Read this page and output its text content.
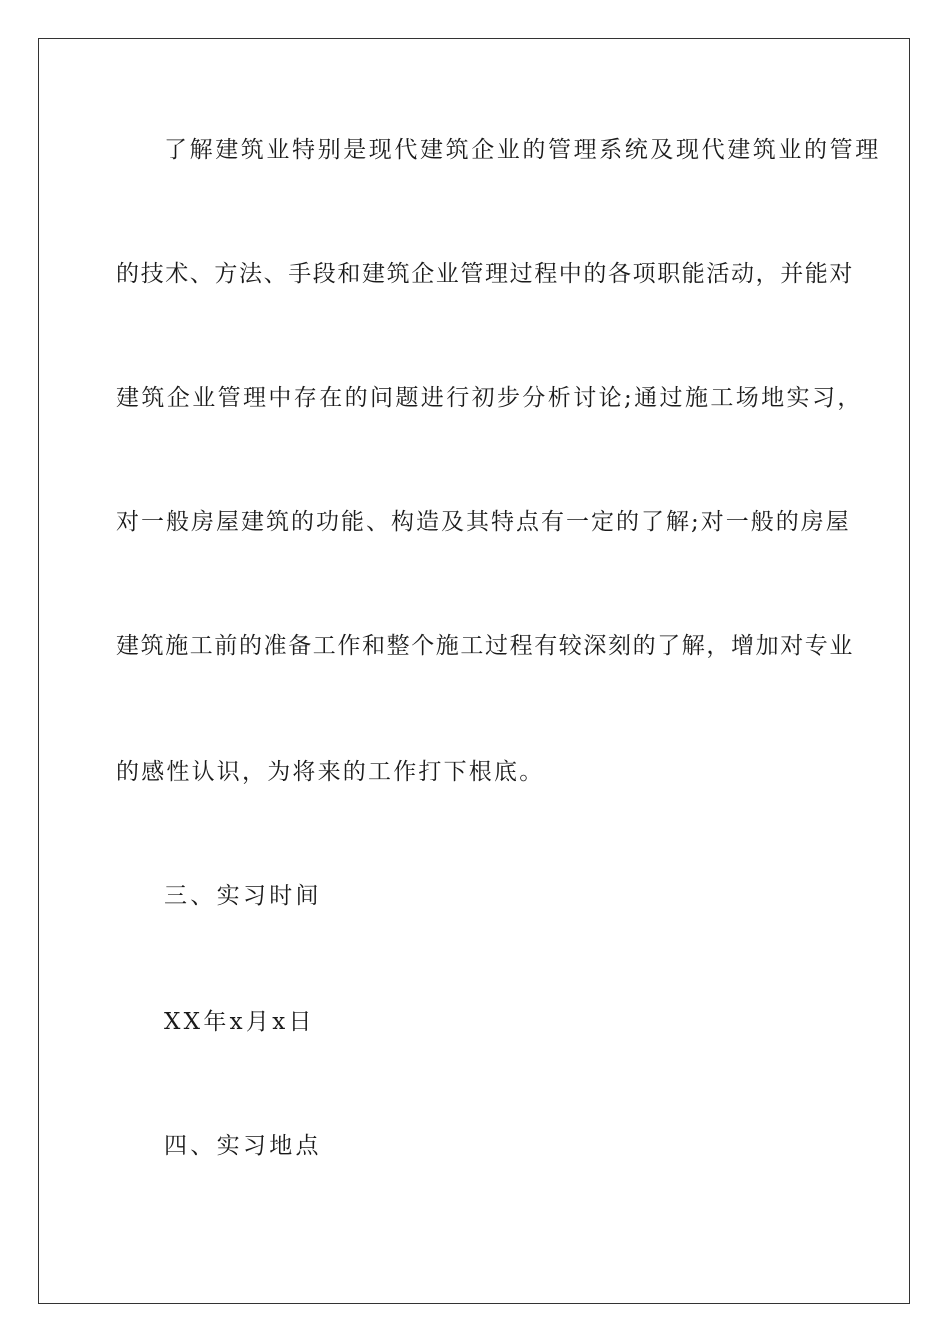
了解建筑业特别是现代建筑企业的管理系统及现代建筑业的管理
的技术、方法、手段和建筑企业管理过程中的各项职能活动，并能对
建筑企业管理中存在的问题进行初步分析讨论;通过施工场地实习，
对一般房屋建筑的功能、构造及其特点有一定的了解;对一般的房屋
建筑施工前的准备工作和整个施工过程有较深刻的了解，增加对专业
的感性认识，为将来的工作打下根底。
三、实习时间
XX年x月x日
四、实习地点
